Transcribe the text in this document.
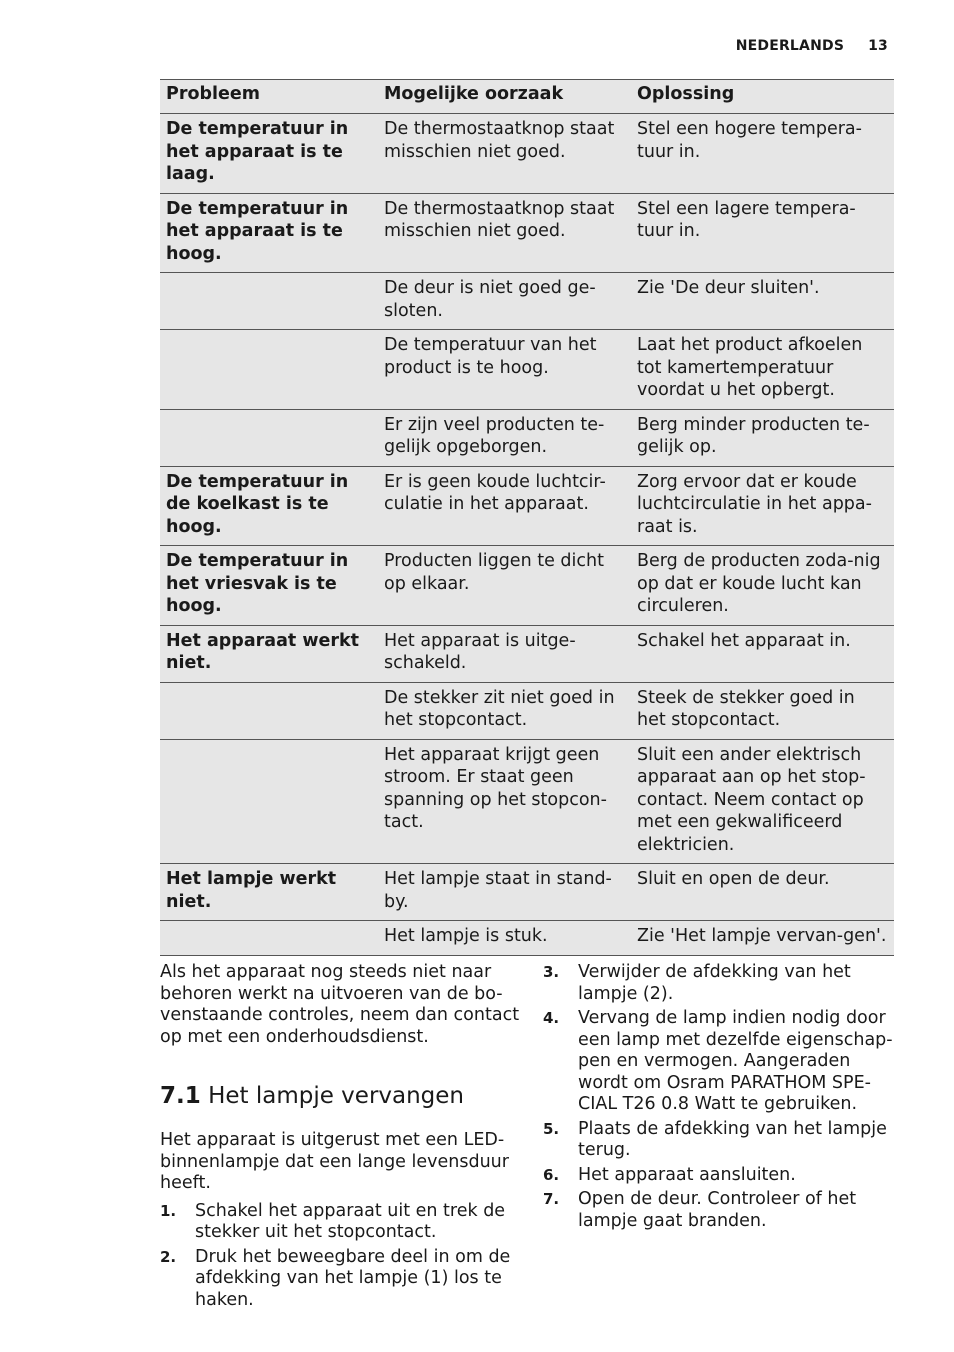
NEDERLANDS 13
Probleem	Mogelijke oorzaak	Oplossing
De temperatuur in het apparaat is te laag.	De thermostaatknop staat misschien niet goed.	Stel een hogere tempera-tuur in.
De temperatuur in het apparaat is te hoog.	De thermostaatknop staat misschien niet goed.	Stel een lagere tempera-tuur in.
	De deur is niet goed ge-sloten.	Zie 'De deur sluiten'.
	De temperatuur van het product is te hoog.	Laat het product afkoelen tot kamertemperatuur voordat u het opbergt.
	Er zijn veel producten te-gelijk opgeborgen.	Berg minder producten te-gelijk op.
De temperatuur in de koelkast is te hoog.	Er is geen koude luchtcir-culatie in het apparaat.	Zorg ervoor dat er koude luchtcirculatie in het appa-raat is.
De temperatuur in het vriesvak is te hoog.	Producten liggen te dicht op elkaar.	Berg de producten zoda-nig op dat er koude lucht kan circuleren.
Het apparaat werkt niet.	Het apparaat is uitge-schakeld.	Schakel het apparaat in.
	De stekker zit niet goed in het stopcontact.	Steek de stekker goed in het stopcontact.
	Het apparaat krijgt geen stroom. Er staat geen spanning op het stopcon-tact.	Sluit een ander elektrisch apparaat aan op het stop-contact. Neem contact op met een gekwalificeerd elektricien.
Het lampje werkt niet.	Het lampje staat in stand-by.	Sluit en open de deur.
	Het lampje is stuk.	Zie 'Het lampje vervan-gen'.

Als het apparaat nog steeds niet naar behoren werkt na uitvoeren van de bo-venstaande controles, neem dan contact op met een onderhoudsdienst.

7.1 Het lampje vervangen

Het apparaat is uitgerust met een LED-binnenlampje dat een lange levensduur heeft.

1. Schakel het apparaat uit en trek de stekker uit het stopcontact.
2. Druk het beweegbare deel in om de afdekking van het lampje (1) los te haken.
3. Verwijder de afdekking van het lampje (2).
4. Vervang de lamp indien nodig door een lamp met dezelfde eigenschap-pen en vermogen. Aangeraden wordt om Osram PARATHOM SPE-CIAL T26 0.8 Watt te gebruiken.
5. Plaats de afdekking van het lampje terug.
6. Het apparaat aansluiten.
7. Open de deur. Controleer of het lampje gaat branden.
